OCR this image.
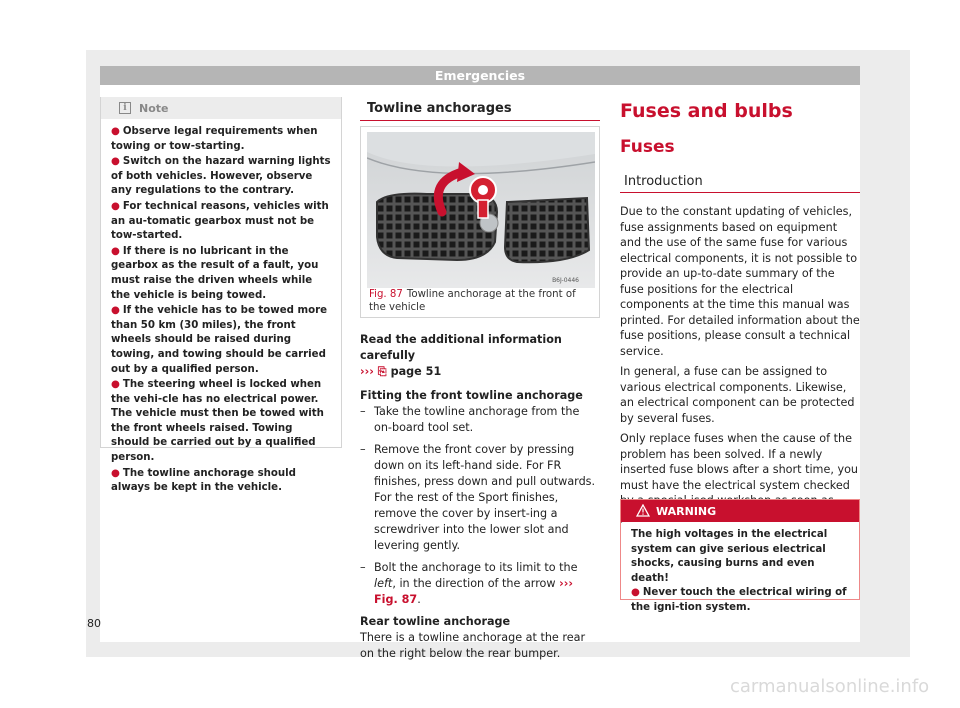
Emergencies
i	Note
● Observe legal requirements when towing or tow-starting.
● Switch on the hazard warning lights of both vehicles. However, observe any regulations to the contrary.
● For technical reasons, vehicles with an au-tomatic gearbox must not be tow-started.
● If there is no lubricant in the gearbox as the result of a fault, you must raise the driven wheels while the vehicle is being towed.
● If the vehicle has to be towed more than 50 km (30 miles), the front wheels should be raised during towing, and towing should be carried out by a qualified person.
● The steering wheel is locked when the vehi-cle has no electrical power. The vehicle must then be towed with the front wheels raised. Towing should be carried out by a qualified person.
● The towline anchorage should always be kept in the vehicle.
Towline anchorages
B6J-0446
Fig. 87 Towline anchorage at the front of the vehicle

Read the additional information carefully
››› ⎘ page 51

Fitting the front towline anchorage

– Take the towline anchorage from the on-board tool set.
– Remove the front cover by pressing down on its left-hand side. For FR finishes, press down and pull outwards. For the rest of the Sport finishes, remove the cover by insert-ing a screwdriver into the lower slot and levering gently.
– Bolt the anchorage to its limit to the left, in the direction of the arrow ››› Fig. 87.

Rear towline anchorage

There is a towline anchorage at the rear on the right below the rear bumper.

Fuses and bulbs
Fuses
Introduction

Due to the constant updating of vehicles, fuse assignments based on equipment and the use of the same fuse for various electrical components, it is not possible to provide an up-to-date summary of the fuse positions for the electrical components at the time this manual was printed. For detailed information about the fuse positions, please consult a technical service.

In general, a fuse can be assigned to various electrical components. Likewise, an electrical component can be protected by several fuses.

Only replace fuses when the cause of the problem has been solved. If a newly inserted fuse blows after a short time, you must have the electrical system checked

WARNING
The high voltages in the electrical system can give serious electrical shocks, causing burns and even death!
● Never touch the electrical wiring of the igni-tion system.
80
carmanualsonline.info
